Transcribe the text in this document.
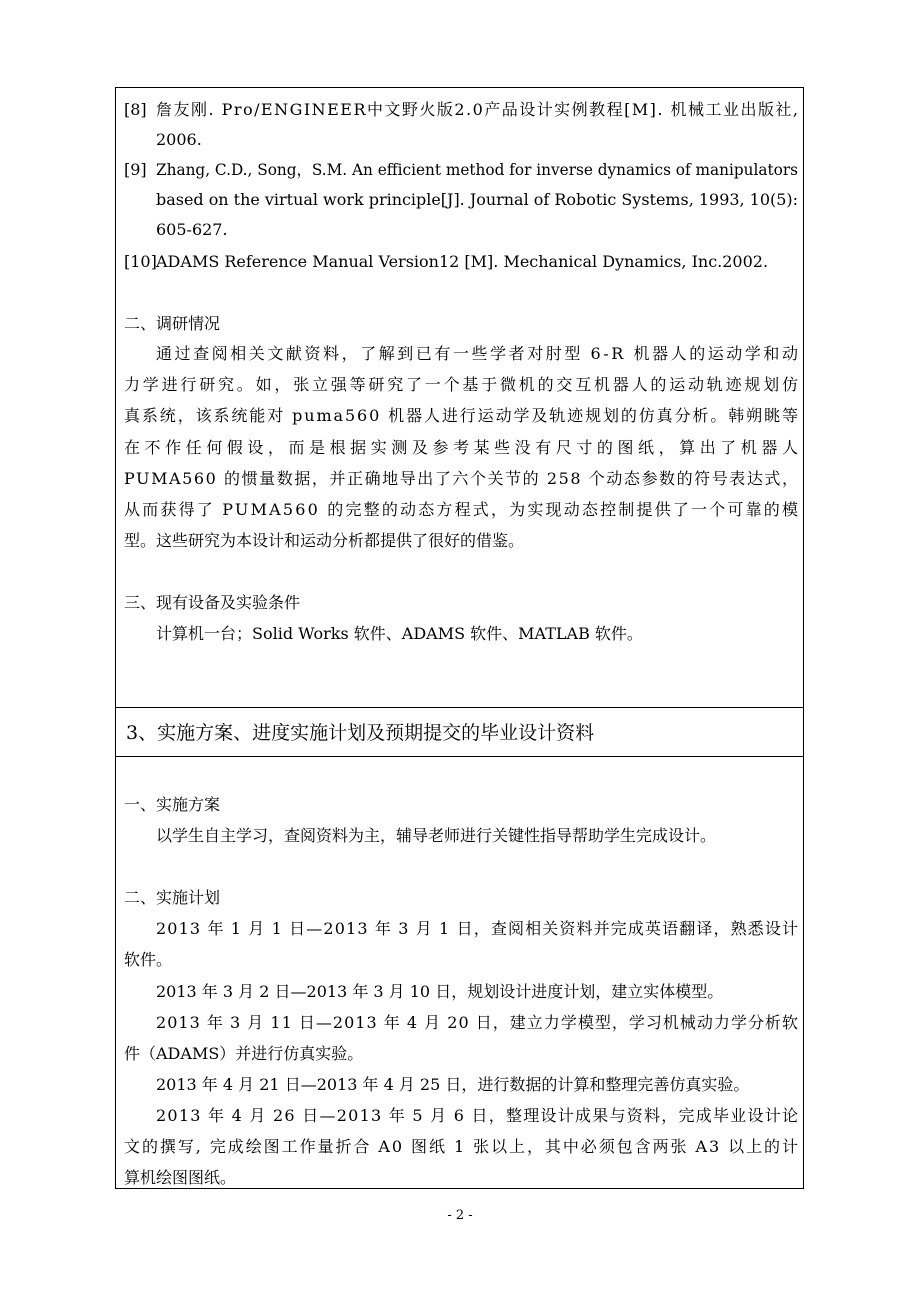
[8] 詹友刚. Pro/ENGINEER中文野火版2.0产品设计实例教程[M]. 机械工业出版社,
2006.
[9] Zhang, C.D., Song，S.M. An efficient method for inverse dynamics of manipulators
based on the virtual work principle[J]. Journal of Robotic Systems, 1993, 10(5):
605-627.
[10] ADAMS Reference Manual Version12 [M]. Mechanical Dynamics, Inc.2002.
二、调研情况
通过查阅相关文献资料，了解到已有一些学者对肘型 6-R 机器人的运动学和动
力学进行研究。如，张立强等研究了一个基于微机的交互机器人的运动轨迹规划仿
真系统，该系统能对 puma560 机器人进行运动学及轨迹规划的仿真分析。韩朔眺等
在不作任何假设，而是根据实测及参考某些没有尺寸的图纸，算出了机器人
PUMA560 的惯量数据，并正确地导出了六个关节的 258 个动态参数的符号表达式，
从而获得了 PUMA560 的完整的动态方程式，为实现动态控制提供了一个可靠的模
型。这些研究为本设计和运动分析都提供了很好的借鉴。
三、现有设备及实验条件
计算机一台；Solid Works 软件、ADAMS 软件、MATLAB 软件。
3、实施方案、进度实施计划及预期提交的毕业设计资料
一、实施方案
以学生自主学习，查阅资料为主，辅导老师进行关键性指导帮助学生完成设计。
二、实施计划
2013 年 1 月 1 日—2013 年 3 月 1 日，查阅相关资料并完成英语翻译，熟悉设计
软件。
2013 年 3 月 2 日—2013 年 3 月 10 日，规划设计进度计划，建立实体模型。
2013 年 3 月 11 日—2013 年 4 月 20 日，建立力学模型，学习机械动力学分析软
件（ADAMS）并进行仿真实验。
2013 年 4 月 21 日—2013 年 4 月 25 日，进行数据的计算和整理完善仿真实验。
2013 年 4 月 26 日—2013 年 5 月 6 日，整理设计成果与资料，完成毕业设计论
文的撰写, 完成绘图工作量折合 A0 图纸 1 张以上，其中必须包含两张 A3 以上的计
算机绘图图纸。
- 2 -
